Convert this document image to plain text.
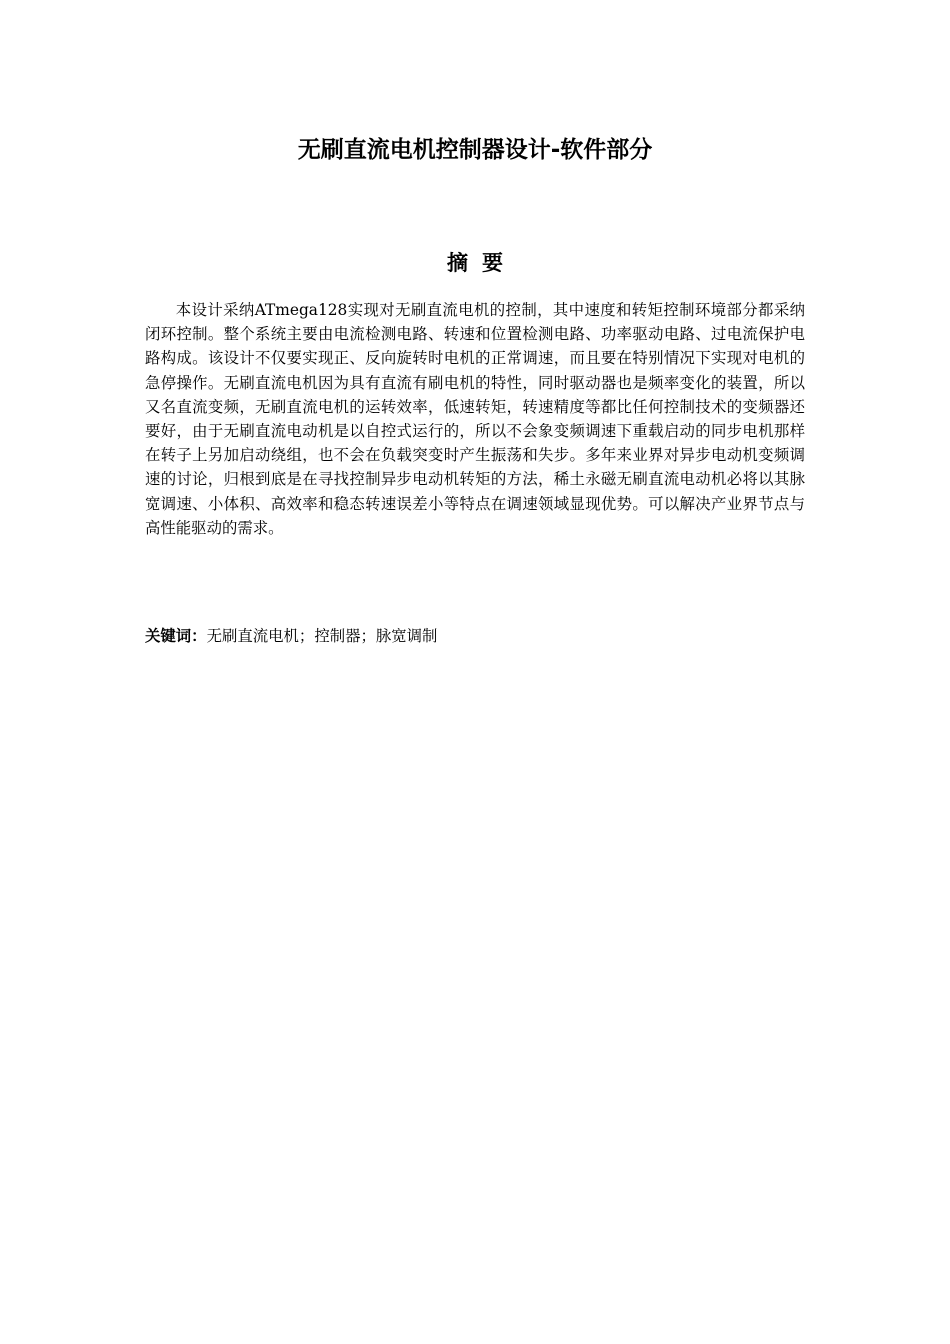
无刷直流电机控制器设计-软件部分
摘要

本设计采纳ATmega128实现对无刷直流电机的控制，其中速度和转矩控制环境部分都采纳闭环控制。整个系统主要由电流检测电路、转速和位置检测电路、功率驱动电路、过电流保护电路构成。该设计不仅要实现正、反向旋转时电机的正常调速，而且要在特别情况下实现对电机的急停操作。无刷直流电机因为具有直流有刷电机的特性，同时驱动器也是频率变化的装置，所以又名直流变频，无刷直流电机的运转效率，低速转矩，转速精度等都比任何控制技术的变频器还要好，由于无刷直流电动机是以自控式运行的，所以不会象变频调速下重载启动的同步电机那样在转子上另加启动绕组，也不会在负载突变时产生振荡和失步。多年来业界对异步电动机变频调速的讨论，归根到底是在寻找控制异步电动机转矩的方法，稀土永磁无刷直流电动机必将以其脉宽调速、小体积、高效率和稳态转速误差小等特点在调速领域显现优势。可以解决产业界节点与高性能驱动的需求。

关键词：无刷直流电机；控制器；脉宽调制
